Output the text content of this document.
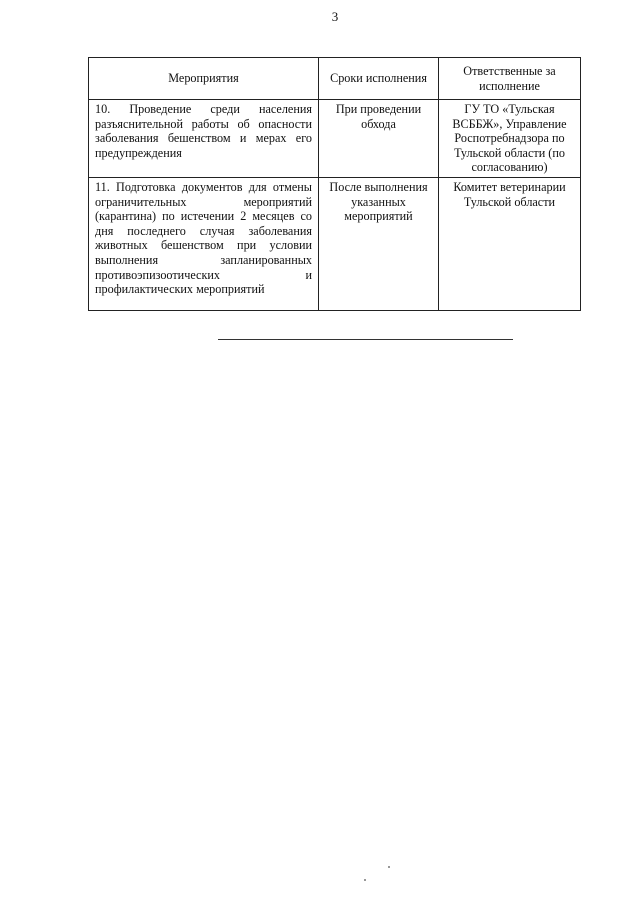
3
Мероприятия	Сроки исполнения	Ответственные за исполнение
10. Проведение среди населения разъяснительной работы об опасности заболевания бешенством и мерах его предупреждения	При проведении обхода	ГУ ТО «Тульская ВСББЖ», Управление Роспотребнадзора по Тульской области (по согласованию)
11. Подготовка документов для отмены ограничительных мероприятий (карантина) по истечении 2 месяцев со дня последнего случая заболевания животных бешенством при условии выполнения запланированных противоэпизоотических и профилактических мероприятий	После выполнения указанных мероприятий	Комитет ветеринарии Тульской области
